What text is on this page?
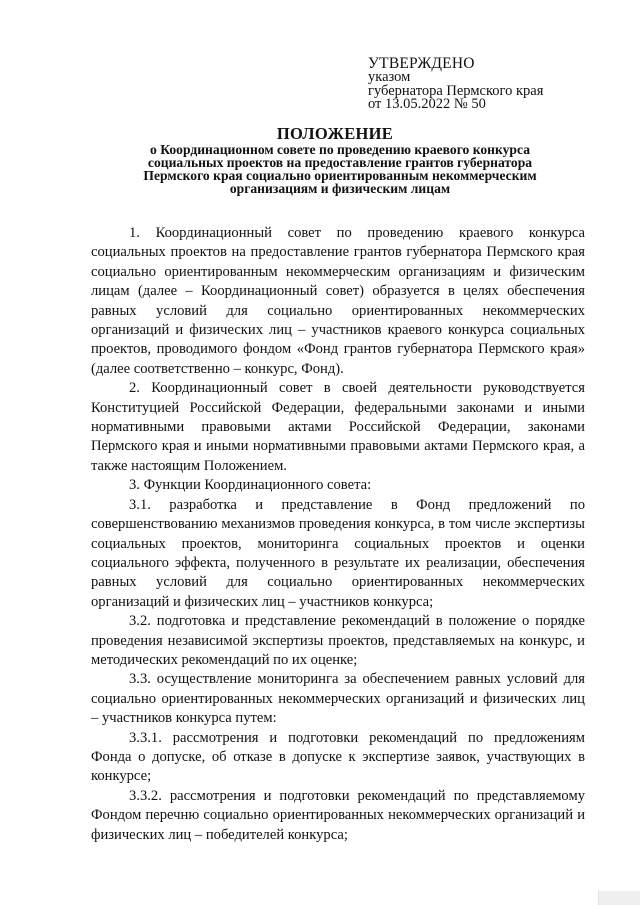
УТВЕРЖДЕНО
указом
губернатора Пермского края
от 13.05.2022 № 50
ПОЛОЖЕНИЕ
о Координационном совете по проведению краевого конкурса
социальных проектов на предоставление грантов губернатора
Пермского края социально ориентированным некоммерческим
организациям и физическим лицам

1. Координационный совет по проведению краевого конкурса социальных проектов на предоставление грантов губернатора Пермского края социально ориентированным некоммерческим организациям и физическим лицам (далее – Координационный совет) образуется в целях обеспечения равных условий для социально ориентированных некоммерческих организаций и физических лиц – участников краевого конкурса социальных проектов, проводимого фондом «Фонд грантов губернатора Пермского края» (далее соответственно – конкурс, Фонд).

2. Координационный совет в своей деятельности руководствуется Конституцией Российской Федерации, федеральными законами и иными нормативными правовыми актами Российской Федерации, законами Пермского края и иными нормативными правовыми актами Пермского края, а также настоящим Положением.

3. Функции Координационного совета:

3.1. разработка и представление в Фонд предложений по совершенствованию механизмов проведения конкурса, в том числе экспертизы социальных проектов, мониторинга социальных проектов и оценки социального эффекта, полученного в результате их реализации, обеспечения равных условий для социально ориентированных некоммерческих организаций и физических лиц – участников конкурса;

3.2. подготовка и представление рекомендаций в положение о порядке проведения независимой экспертизы проектов, представляемых на конкурс, и методических рекомендаций по их оценке;

3.3. осуществление мониторинга за обеспечением равных условий для социально ориентированных некоммерческих организаций и физических лиц – участников конкурса путем:

3.3.1. рассмотрения и подготовки рекомендаций по предложениям Фонда о допуске, об отказе в допуске к экспертизе заявок, участвующих в конкурсе;

3.3.2. рассмотрения и подготовки рекомендаций по представляемому Фондом перечню социально ориентированных некоммерческих организаций и физических лиц – победителей конкурса;
